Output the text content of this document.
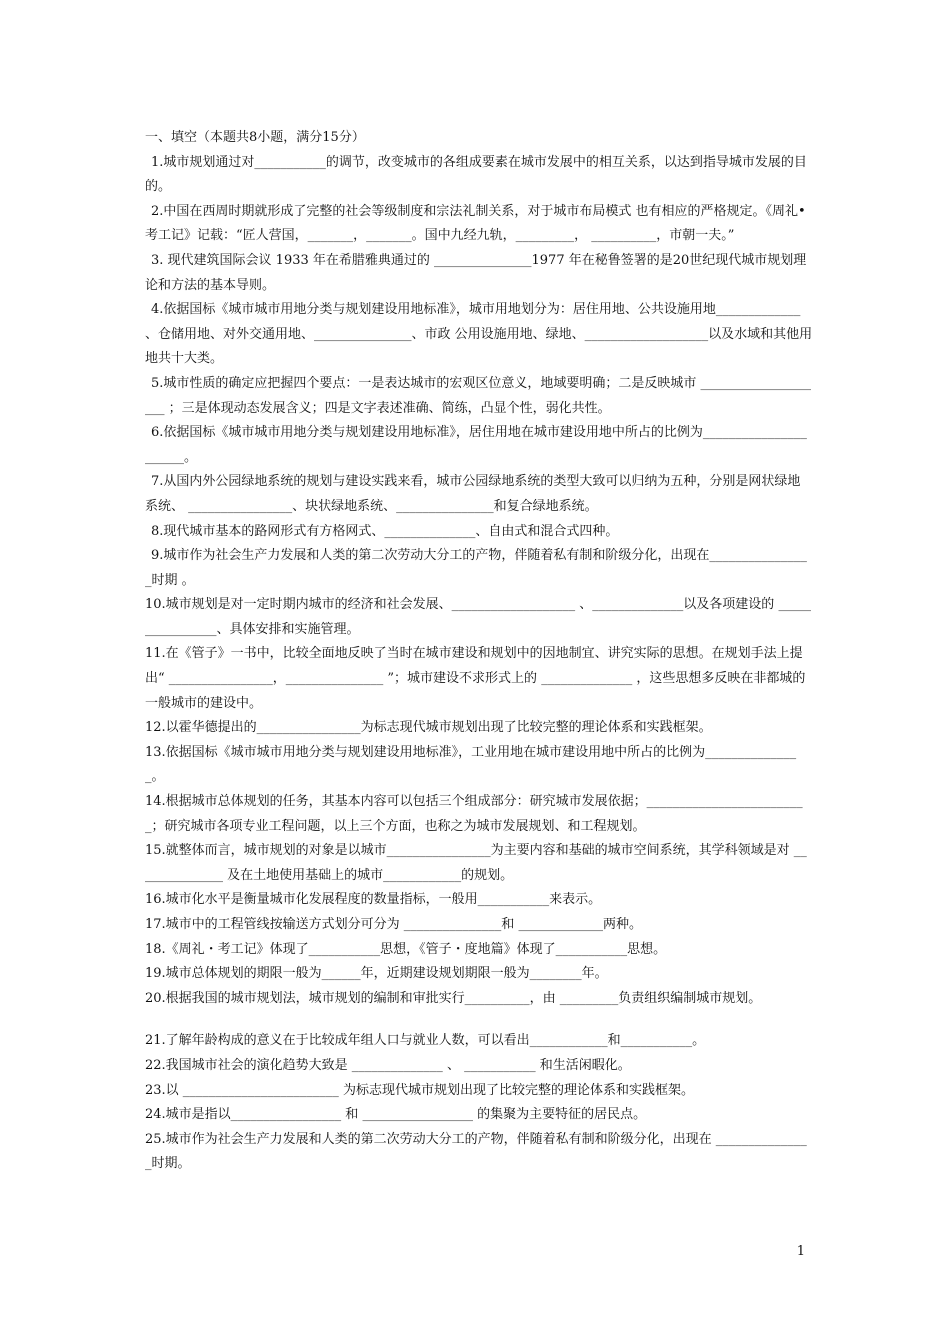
一、填空（本题共8小题，满分15分）

1.城市规划通过对___________的调节，改变城市的各组成要素在城市发展中的相互关系，以达到指导城市发展的目的。

2.中国在西周时期就形成了完整的社会等级制度和宗法礼制关系，对于城市布局模式 也有相应的严格规定。《周礼•考工记》记载：“匠人营国，_______，_______。国中九经九轨，_________， __________，市朝一夫。”

3. 现代建筑国际会议 1933 年在希腊雅典通过的 _______________1977 年在秘鲁签署的是20世纪现代城市规划理论和方法的基本导则。

4.依据国标《城市城市用地分类与规划建设用地标准》，城市用地划分为：居住用地、公共设施用地_____________ 、仓储用地、对外交通用地、_______________、市政 公用设施用地、绿地、___________________以及水域和其他用地共十大类。

5.城市性质的确定应把握四个要点：一是表达城市的宏观区位意义，地域要明确；二是反映城市 ____________________ ；三是体现动态发展含义；四是文字表述准确、简练，凸显个性，弱化共性。

6.依据国标《城市城市用地分类与规划建设用地标准》，居住用地在城市建设用地中所占的比例为______________________。

7.从国内外公园绿地系统的规划与建设实践来看，城市公园绿地系统的类型大致可以归纳为五种，分别是网状绿地系统、 ________________、块状绿地系统、_______________和复合绿地系统。

8.现代城市基本的路网形式有方格网式、______________、自由式和混合式四种。

9.城市作为社会生产力发展和人类的第二次劳动大分工的产物，伴随着私有制和阶级分化，出现在________________时期 。

10.城市规划是对一定时期内城市的经济和社会发展、___________________ 、______________以及各项建设的 ________________、具体安排和实施管理。

11.在《管子》一书中，比较全面地反映了当时在城市建设和规划中的因地制宜、讲究实际的思想。在规划手法上提出“ ________________，_______________ ”；城市建设不求形式上的 ______________ ，这些思想多反映在非都城的一般城市的建设中。

12.以霍华德提出的________________为标志现代城市规划出现了比较完整的理论体系和实践框架。

13.依据国标《城市城市用地分类与规划建设用地标准》，工业用地在城市建设用地中所占的比例为_______________。

14.根据城市总体规划的任务，其基本内容可以包括三个组成部分：研究城市发展依据；_________________________；研究城市各项专业工程问题，以上三个方面，也称之为城市发展规划、和工程规划。

15.就整体而言，城市规划的对象是以城市________________为主要内容和基础的城市空间系统，其学科领域是对 ______________ 及在土地使用基础上的城市____________的规划。

16.城市化水平是衡量城市化发展程度的数量指标，一般用___________来表示。

17.城市中的工程管线按输送方式划分可分为 _______________和 _____________两种。

18.《周礼・考工记》体现了___________思想，《管子・度地篇》体现了___________思想。

19.城市总体规划的期限一般为______年，近期建设规划期限一般为________年。

20.根据我国的城市规划法，城市规划的编制和审批实行__________，由 _________负责组织编制城市规划。

21.了解年龄构成的意义在于比较成年组人口与就业人数，可以看出____________和___________。

22.我国城市社会的演化趋势大致是 ______________ 、 ___________ 和生活闲暇化。

23.以 ________________________ 为标志现代城市规划出现了比较完整的理论体系和实践框架。

24.城市是指以_________________ 和 _________________ 的集聚为主要特征的居民点。

25.城市作为社会生产力发展和人类的第二次劳动大分工的产物，伴随着私有制和阶级分化，出现在 _______________时期。

1
